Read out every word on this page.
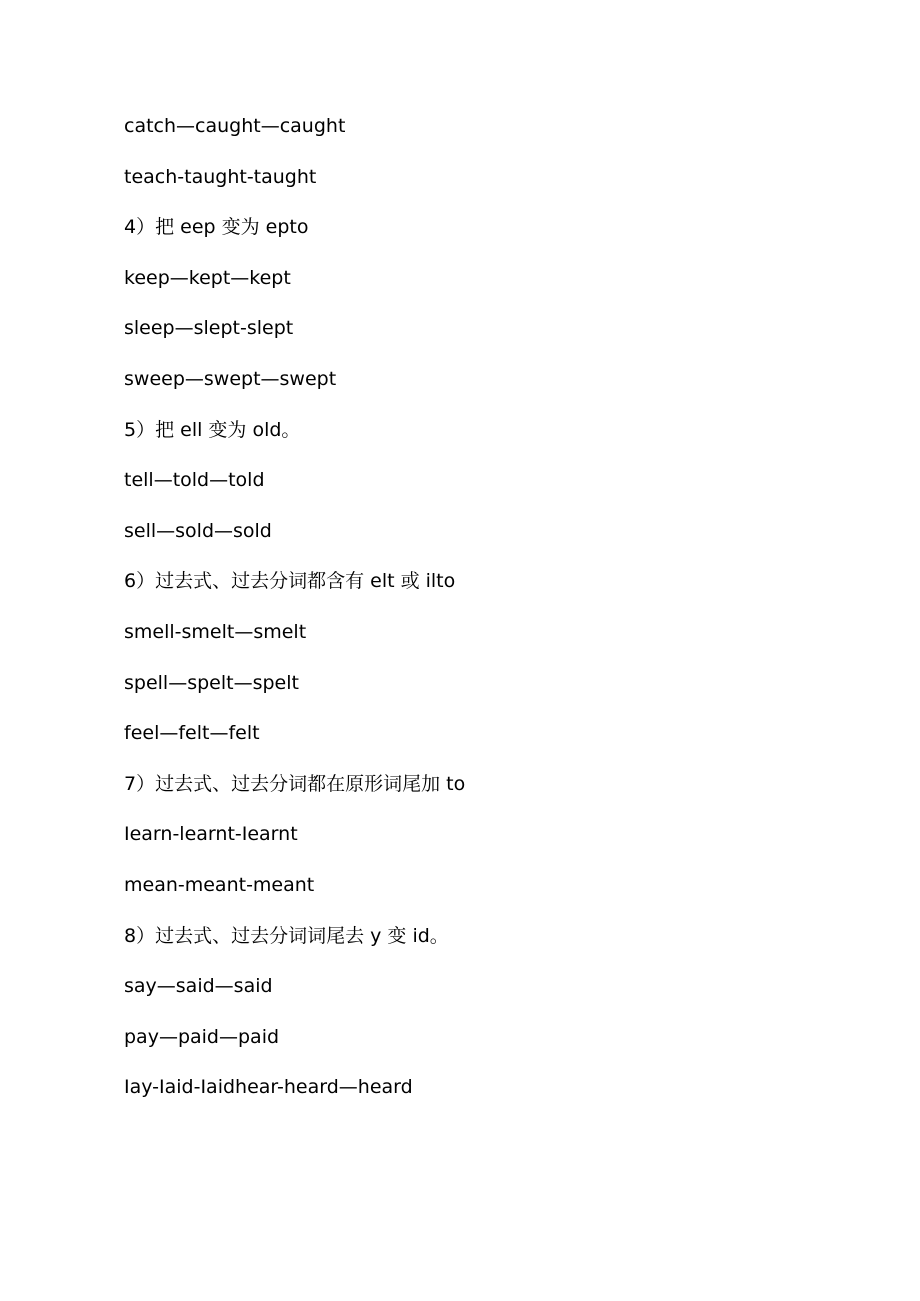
catch—caught—caught
teach-taught-taught
4）把 eep 变为 epto
keep—kept—kept
sleep—slept-slept
sweep—swept—swept
5）把 ell 变为 old。
tell—told—told
sell—sold—sold
6）过去式、过去分词都含有 elt 或 ilto
smell-smelt—smelt
spell—spelt—spelt
feel—felt—felt
7）过去式、过去分词都在原形词尾加 to
Iearn-learnt-Iearnt
mean-meant-meant
8）过去式、过去分词词尾去 y 变 id。
say—said—said
pay—paid—paid
Iay-Iaid-Iaidhear-heard—heard
